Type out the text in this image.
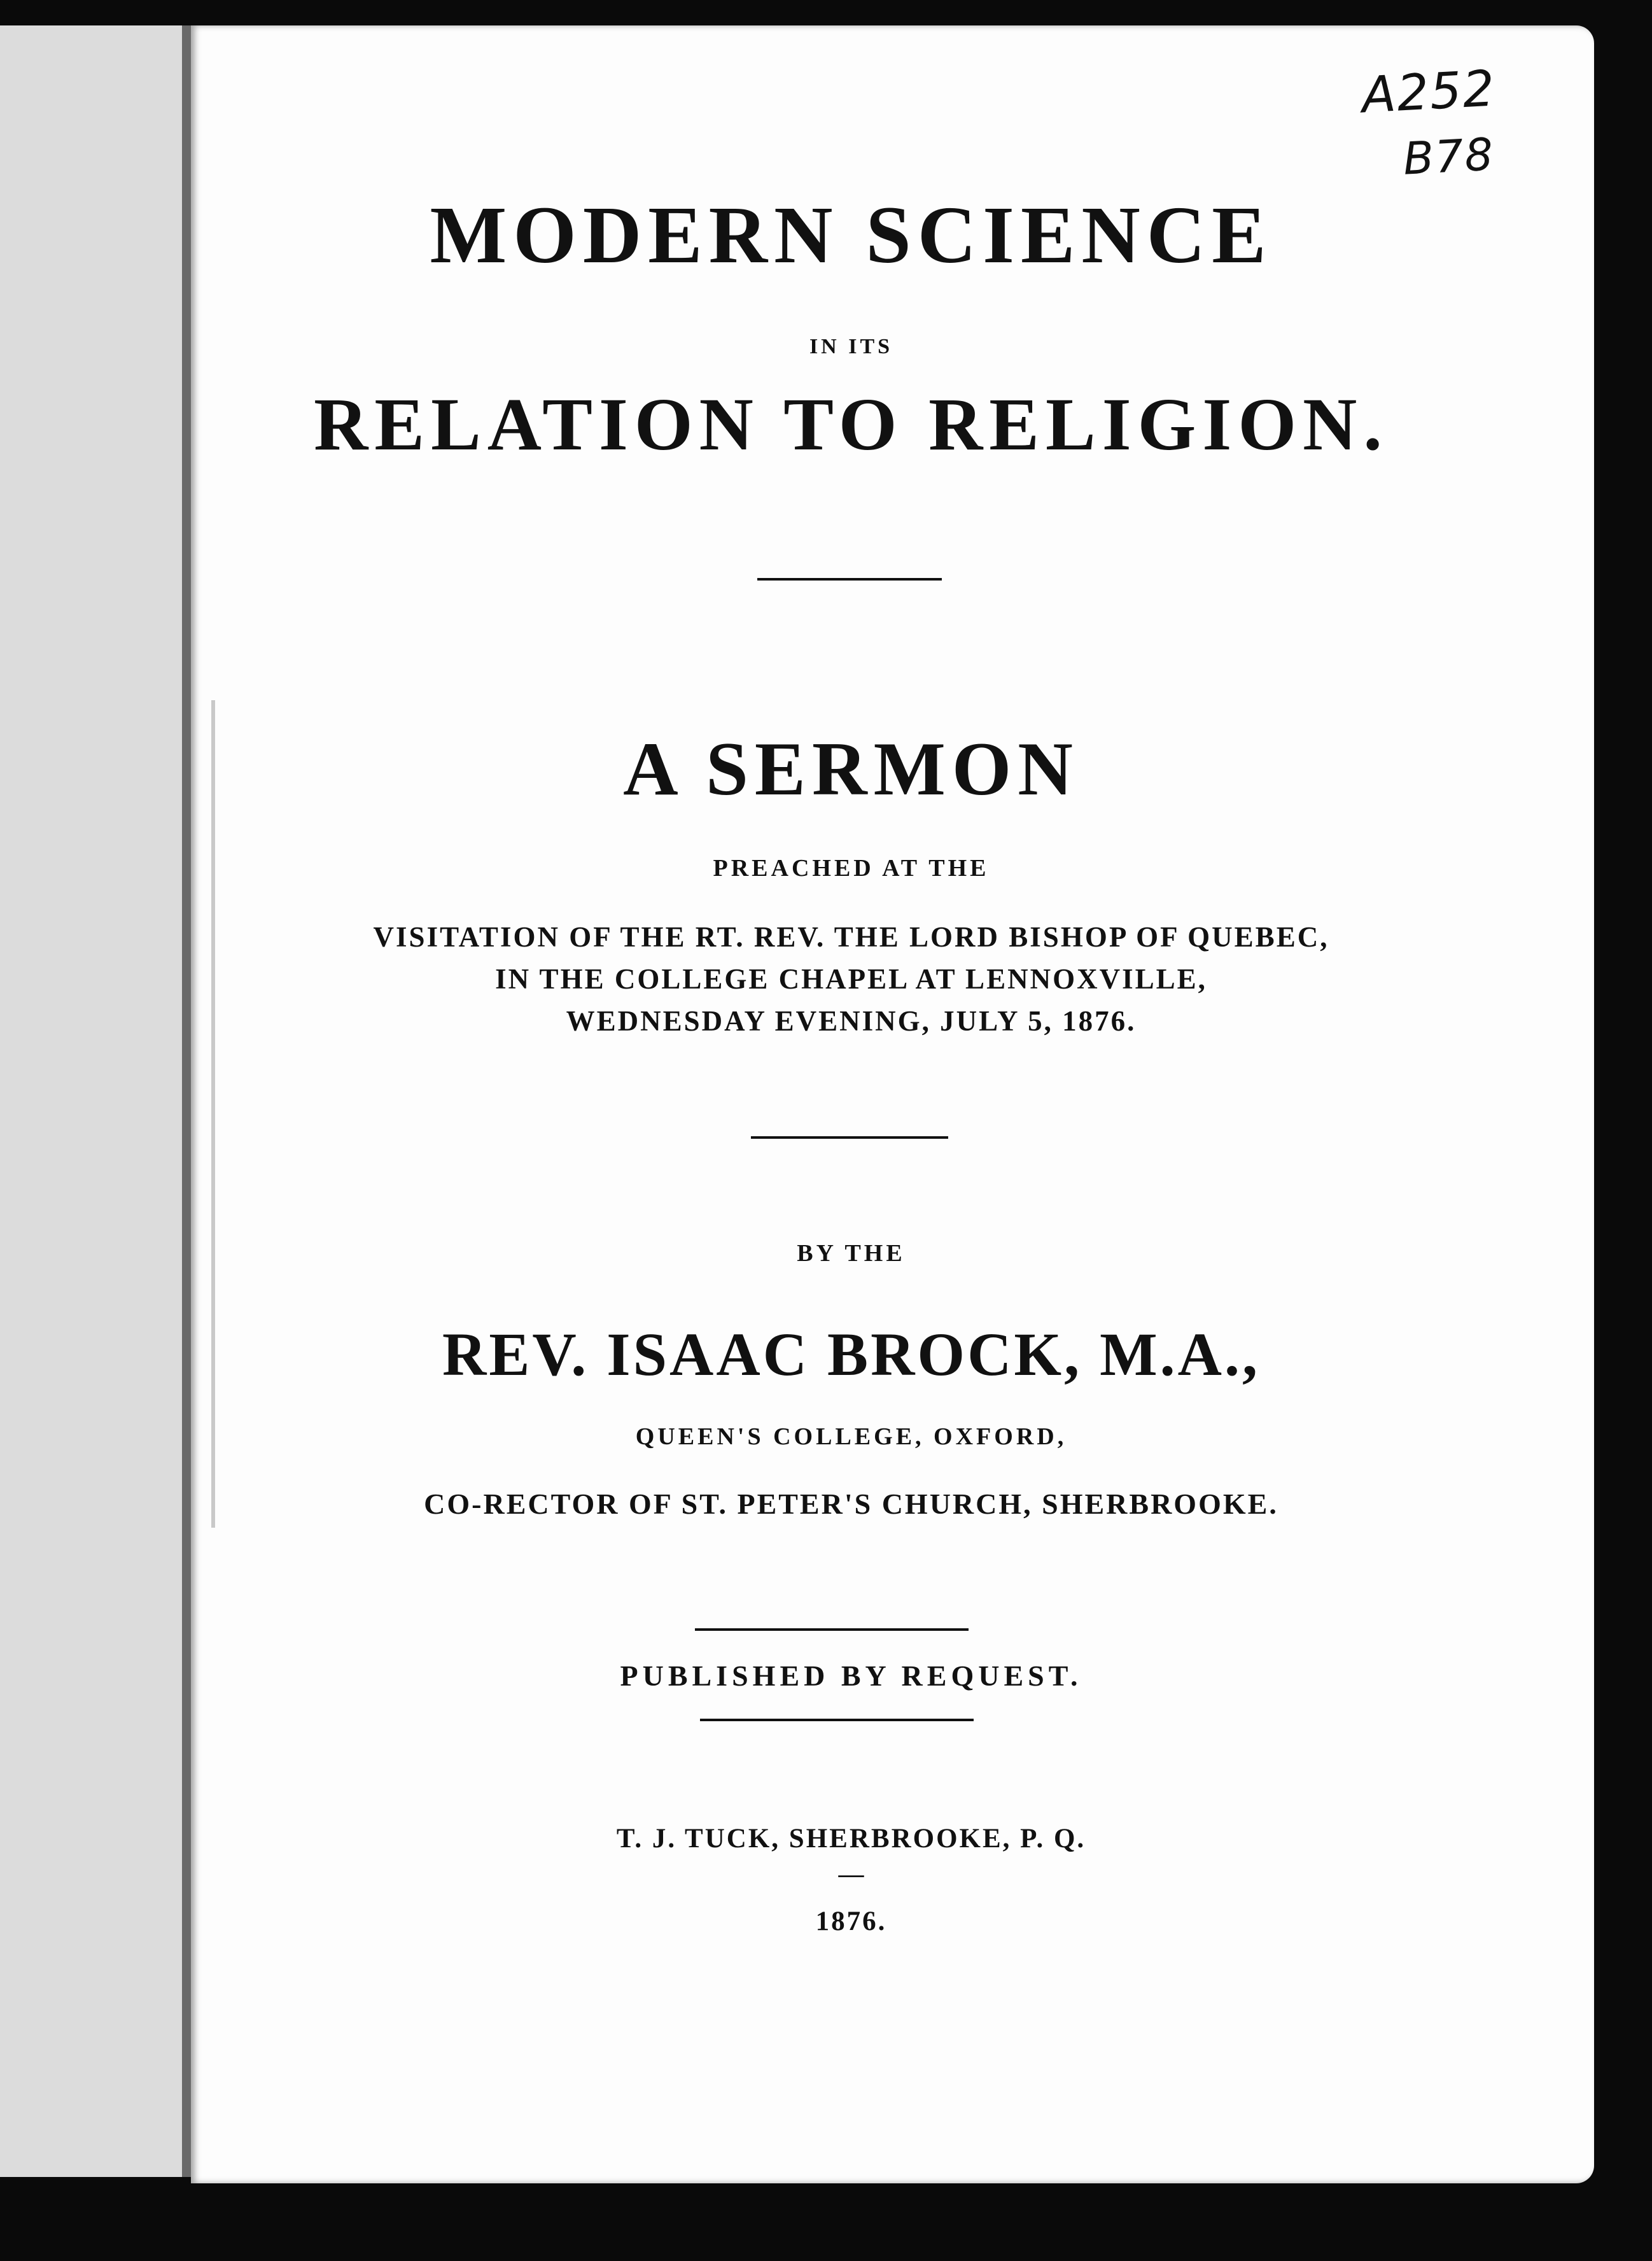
A252
B78
MODERN SCIENCE
IN ITS
RELATION TO RELIGION.
A SERMON
PREACHED AT THE
VISITATION OF THE RT. REV. THE LORD BISHOP OF QUEBEC,
IN THE COLLEGE CHAPEL AT LENNOXVILLE,
WEDNESDAY EVENING, JULY 5, 1876.
BY THE
REV. ISAAC BROCK, M.A.,
QUEEN'S COLLEGE, OXFORD,
CO-RECTOR OF ST. PETER'S CHURCH, SHERBROOKE.
PUBLISHED BY REQUEST.
T. J. TUCK, SHERBROOKE, P. Q.
—
1876.
